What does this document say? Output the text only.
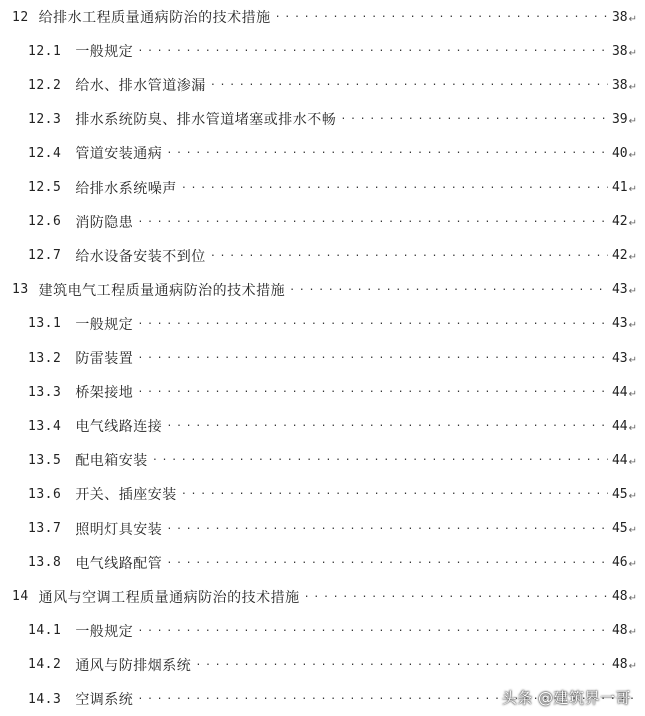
12 给排水工程质量通病防治的技术措施 . . .	38 ↵
12.1 一般规定 . . .	38 ↵
12.2 给水、排水管道渗漏 . . .	38 ↵
12.3 排水系统防臭、排水管道堵塞或排水不畅 . . .	39 ↵
12.4 管道安装通病 . . .	40 ↵
12.5 给排水系统噪声 . . .	41 ↵
12.6 消防隐患 . . .	42 ↵
12.7 给水设备安装不到位 . . .	42 ↵
13 建筑电气工程质量通病防治的技术措施 . . .	43 ↵
13.1 一般规定 . . .	43 ↵
13.2 防雷装置 . . .	43 ↵
13.3 桥架接地 . . .	44 ↵
13.4 电气线路连接 . . .	44 ↵
13.5 配电箱安装 . . .	44 ↵
13.6 开关、插座安装 . . .	45 ↵
13.7 照明灯具安装 . . .	45 ↵
13.8 电气线路配管 . . .	46 ↵
14 通风与空调工程质量通病防治的技术措施 . . .	48 ↵
14.1 一般规定 . . .	48 ↵
14.2 通风与防排烟系统 . . .	48 ↵
14.3 空调系统 . . .	头条 @建筑界一哥
